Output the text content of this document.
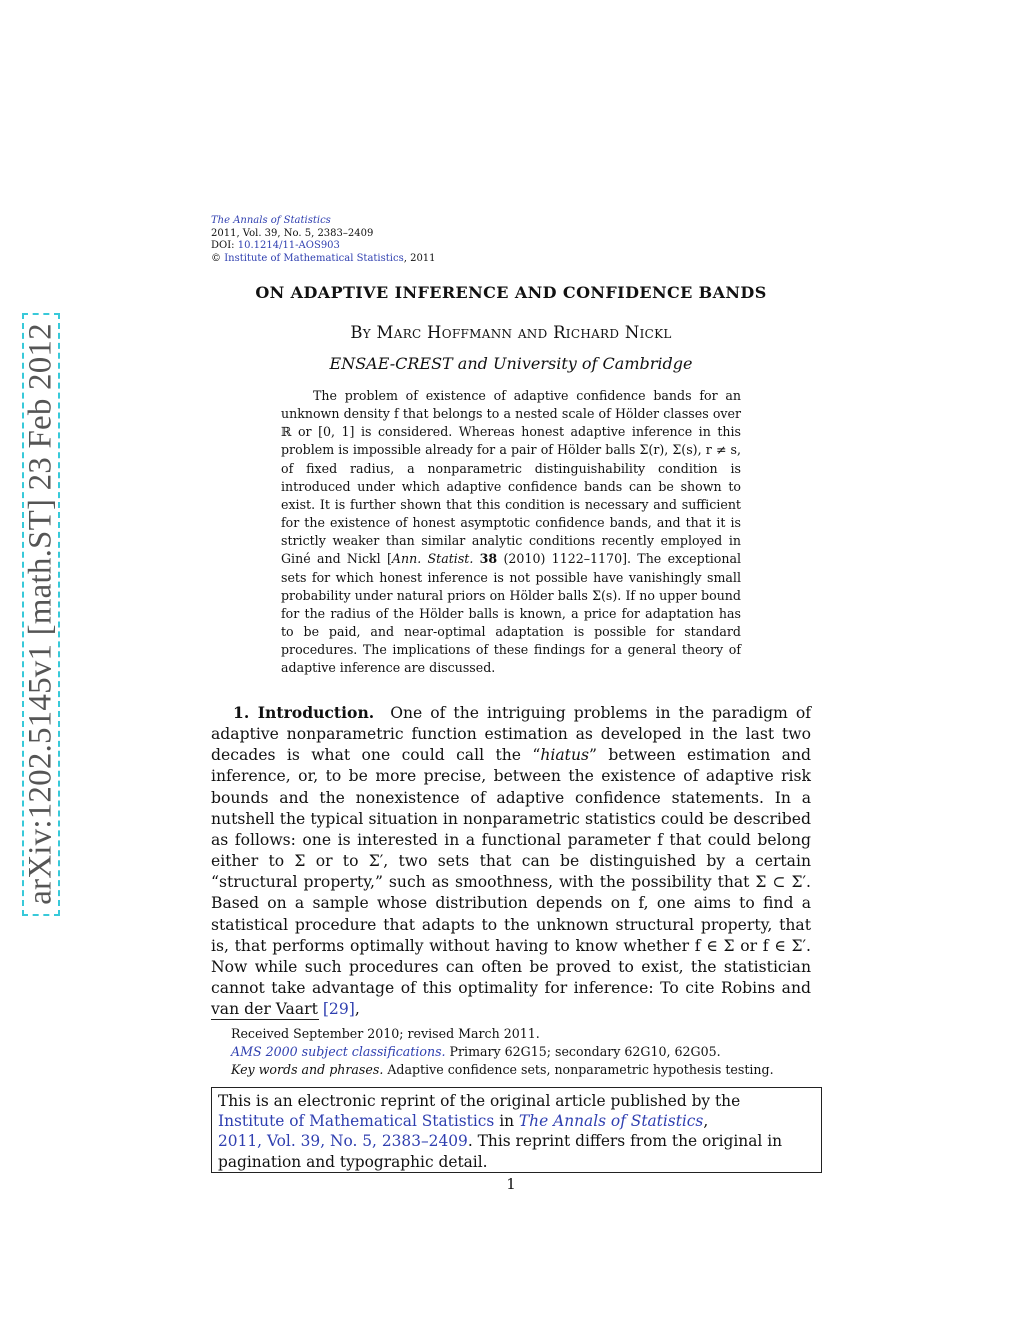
arXiv:1202.5145v1 [math.ST] 23 Feb 2012
The Annals of Statistics
2011, Vol. 39, No. 5, 2383–2409
DOI: 10.1214/11-AOS903
© Institute of Mathematical Statistics, 2011
ON ADAPTIVE INFERENCE AND CONFIDENCE BANDS
By Marc Hoffmann and Richard Nickl
ENSAE-CREST and University of Cambridge

The problem of existence of adaptive confidence bands for an unknown density f that belongs to a nested scale of Hölder classes over ℝ or [0, 1] is considered. Whereas honest adaptive inference in this problem is impossible already for a pair of Hölder balls Σ(r), Σ(s), r ≠ s, of fixed radius, a nonparametric distinguishability condition is introduced under which adaptive confidence bands can be shown to exist. It is further shown that this condition is necessary and sufficient for the existence of honest asymptotic confidence bands, and that it is strictly weaker than similar analytic conditions recently employed in Giné and Nickl [Ann. Statist. 38 (2010) 1122–1170]. The exceptional sets for which honest inference is not possible have vanishingly small probability under natural priors on Hölder balls Σ(s). If no upper bound for the radius of the Hölder balls is known, a price for adaptation has to be paid, and near-optimal adaptation is possible for standard procedures. The implications of these findings for a general theory of adaptive inference are discussed.

1. Introduction. One of the intriguing problems in the paradigm of adaptive nonparametric function estimation as developed in the last two decades is what one could call the “hiatus” between estimation and inference, or, to be more precise, between the existence of adaptive risk bounds and the nonexistence of adaptive confidence statements. In a nutshell the typical situation in nonparametric statistics could be described as follows: one is interested in a functional parameter f that could belong either to Σ or to Σ′, two sets that can be distinguished by a certain “structural property,” such as smoothness, with the possibility that Σ ⊂ Σ′. Based on a sample whose distribution depends on f, one aims to find a statistical procedure that adapts to the unknown structural property, that is, that performs optimally without having to know whether f ∈ Σ or f ∈ Σ′. Now while such procedures can often be proved to exist, the statistician cannot take advantage of this optimality for inference: To cite Robins and van der Vaart [29],

Received September 2010; revised March 2011.
AMS 2000 subject classifications. Primary 62G15; secondary 62G10, 62G05.
Key words and phrases. Adaptive confidence sets, nonparametric hypothesis testing.
This is an electronic reprint of the original article published by the
Institute of Mathematical Statistics in The Annals of Statistics,
2011, Vol. 39, No. 5, 2383–2409. This reprint differs from the original in pagination and typographic detail.
1
